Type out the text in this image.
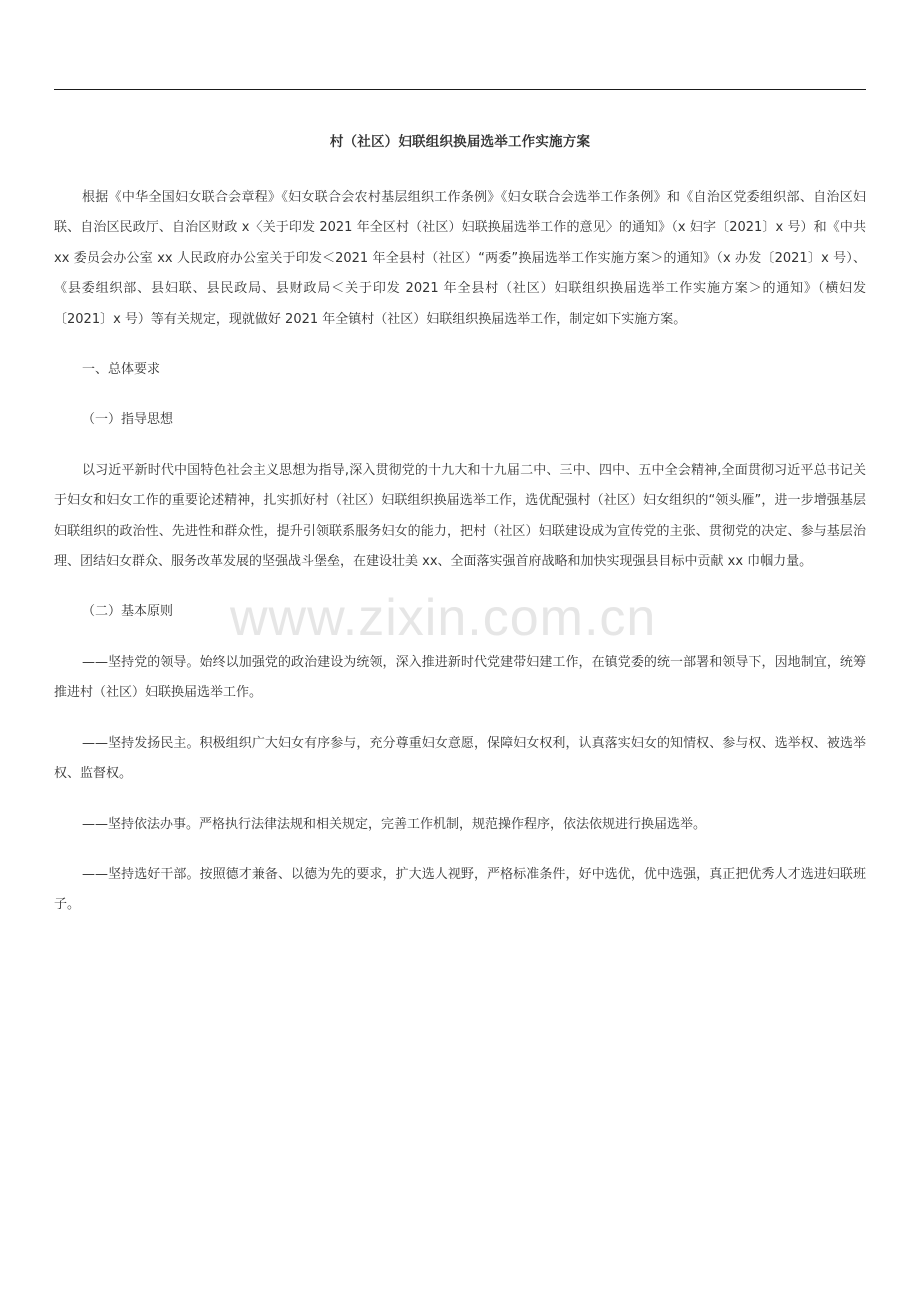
www.zixin.com.cn
村（社区）妇联组织换届选举工作实施方案

根据《中华全国妇女联合会章程》《妇女联合会农村基层组织工作条例》《妇女联合会选举工作条例》和《自治区党委组织部、自治区妇联、自治区民政厅、自治区财政 x〈关于印发 2021 年全区村（社区）妇联换届选举工作的意见〉的通知》（x 妇字〔2021〕x 号）和《中共 xx 委员会办公室 xx 人民政府办公室关于印发＜2021 年全县村（社区）“两委”换届选举工作实施方案＞的通知》（x 办发〔2021〕x 号）、《县委组织部、县妇联、县民政局、县财政局＜关于印发 2021 年全县村（社区）妇联组织换届选举工作实施方案＞的通知》（横妇发〔2021〕x 号）等有关规定，现就做好 2021 年全镇村（社区）妇联组织换届选举工作，制定如下实施方案。

一、总体要求

（一）指导思想

以习近平新时代中国特色社会主义思想为指导,深入贯彻党的十九大和十九届二中、三中、四中、五中全会精神,全面贯彻习近平总书记关于妇女和妇女工作的重要论述精神，扎实抓好村（社区）妇联组织换届选举工作，选优配强村（社区）妇女组织的“领头雁”，进一步增强基层妇联组织的政治性、先进性和群众性，提升引领联系服务妇女的能力，把村（社区）妇联建设成为宣传党的主张、贯彻党的决定、参与基层治理、团结妇女群众、服务改革发展的坚强战斗堡垒，在建设壮美 xx、全面落实强首府战略和加快实现强县目标中贡献 xx 巾帼力量。

（二）基本原则

——坚持党的领导。始终以加强党的政治建设为统领，深入推进新时代党建带妇建工作，在镇党委的统一部署和领导下，因地制宜，统筹推进村（社区）妇联换届选举工作。

——坚持发扬民主。积极组织广大妇女有序参与，充分尊重妇女意愿，保障妇女权利，认真落实妇女的知情权、参与权、选举权、被选举权、监督权。

——坚持依法办事。严格执行法律法规和相关规定，完善工作机制，规范操作程序，依法依规进行换届选举。

——坚持选好干部。按照德才兼备、以德为先的要求，扩大选人视野，严格标准条件，好中选优，优中选强，真正把优秀人才选进妇联班子。
